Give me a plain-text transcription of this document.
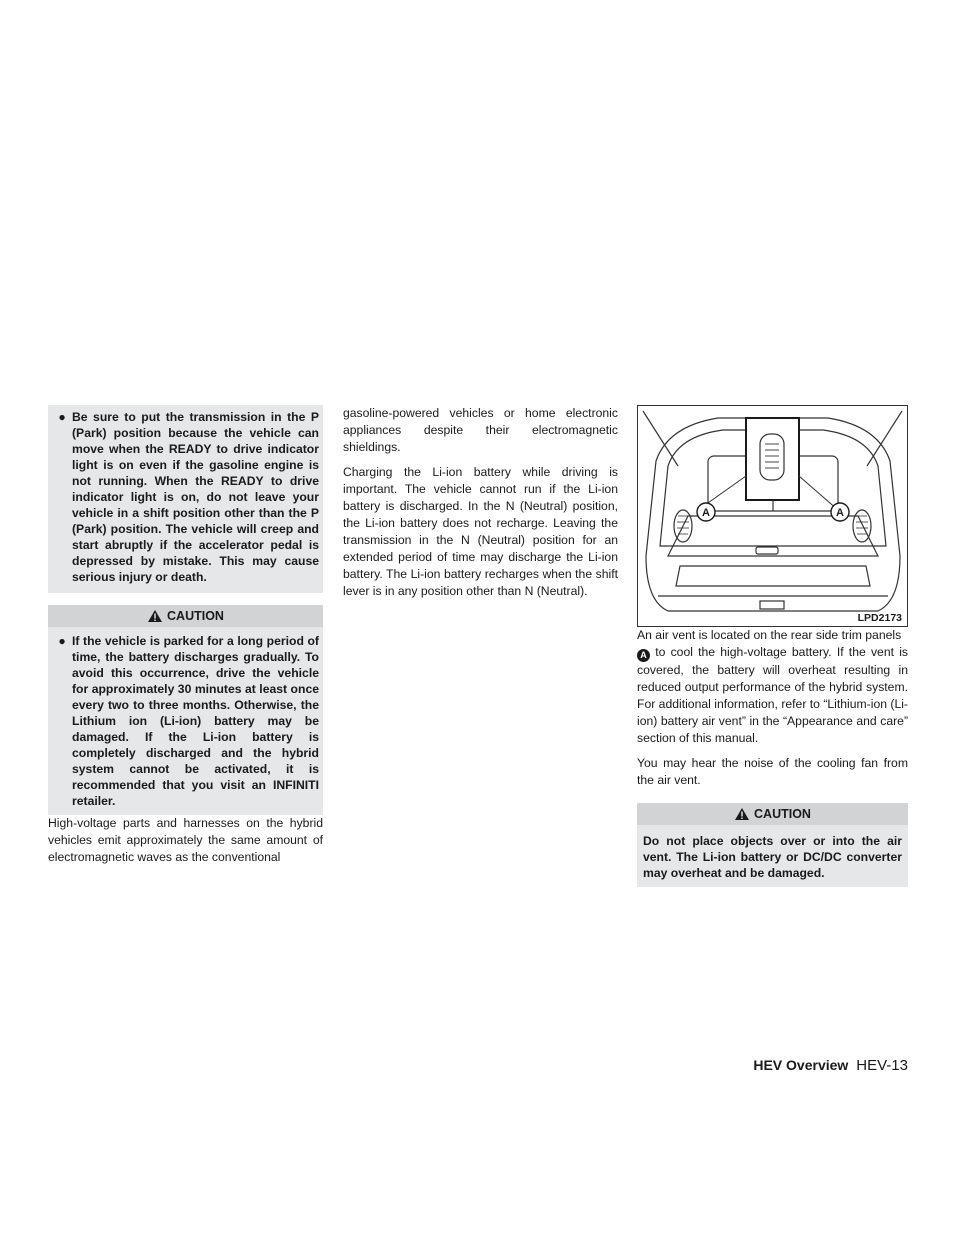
● Be sure to put the transmission in the P (Park) position because the vehicle can move when the READY to drive indicator light is on even if the gasoline engine is not running. When the READY to drive indicator light is on, do not leave your vehicle in a shift position other than the P (Park) position. The vehicle will creep and start abruptly if the accelerator pedal is depressed by mistake. This may cause serious injury or death.
CAUTION
● If the vehicle is parked for a long period of time, the battery discharges gradually. To avoid this occurrence, drive the vehicle for approximately 30 minutes at least once every two to three months. Otherwise, the Lithium ion (Li-ion) battery may be damaged. If the Li-ion battery is completely discharged and the hybrid system cannot be activated, it is recommended that you visit an INFINITI retailer.

High-voltage parts and harnesses on the hybrid vehicles emit approximately the same amount of electromagnetic waves as the conventional

gasoline-powered vehicles or home electronic appliances despite their electromagnetic shieldings.

Charging the Li-ion battery while driving is important. The vehicle cannot run if the Li-ion battery is discharged. In the N (Neutral) position, the Li-ion battery does not recharge. Leaving the transmission in the N (Neutral) position for an extended period of time may discharge the Li-ion battery. The Li-ion battery recharges when the shift lever is in any position other than N (Neutral).

A	A
LPD2173

An air vent is located on the rear side trim panels
A to cool the high-voltage battery. If the vent is covered, the battery will overheat resulting in reduced output performance of the hybrid system. For additional information, refer to “Lithium-ion (Li-ion) battery air vent” in the “Appearance and care” section of this manual.

You may hear the noise of the cooling fan from the air vent.

CAUTION
Do not place objects over or into the air vent. The Li-ion battery or DC/DC converter may overheat and be damaged.
HEV Overview HEV-13
